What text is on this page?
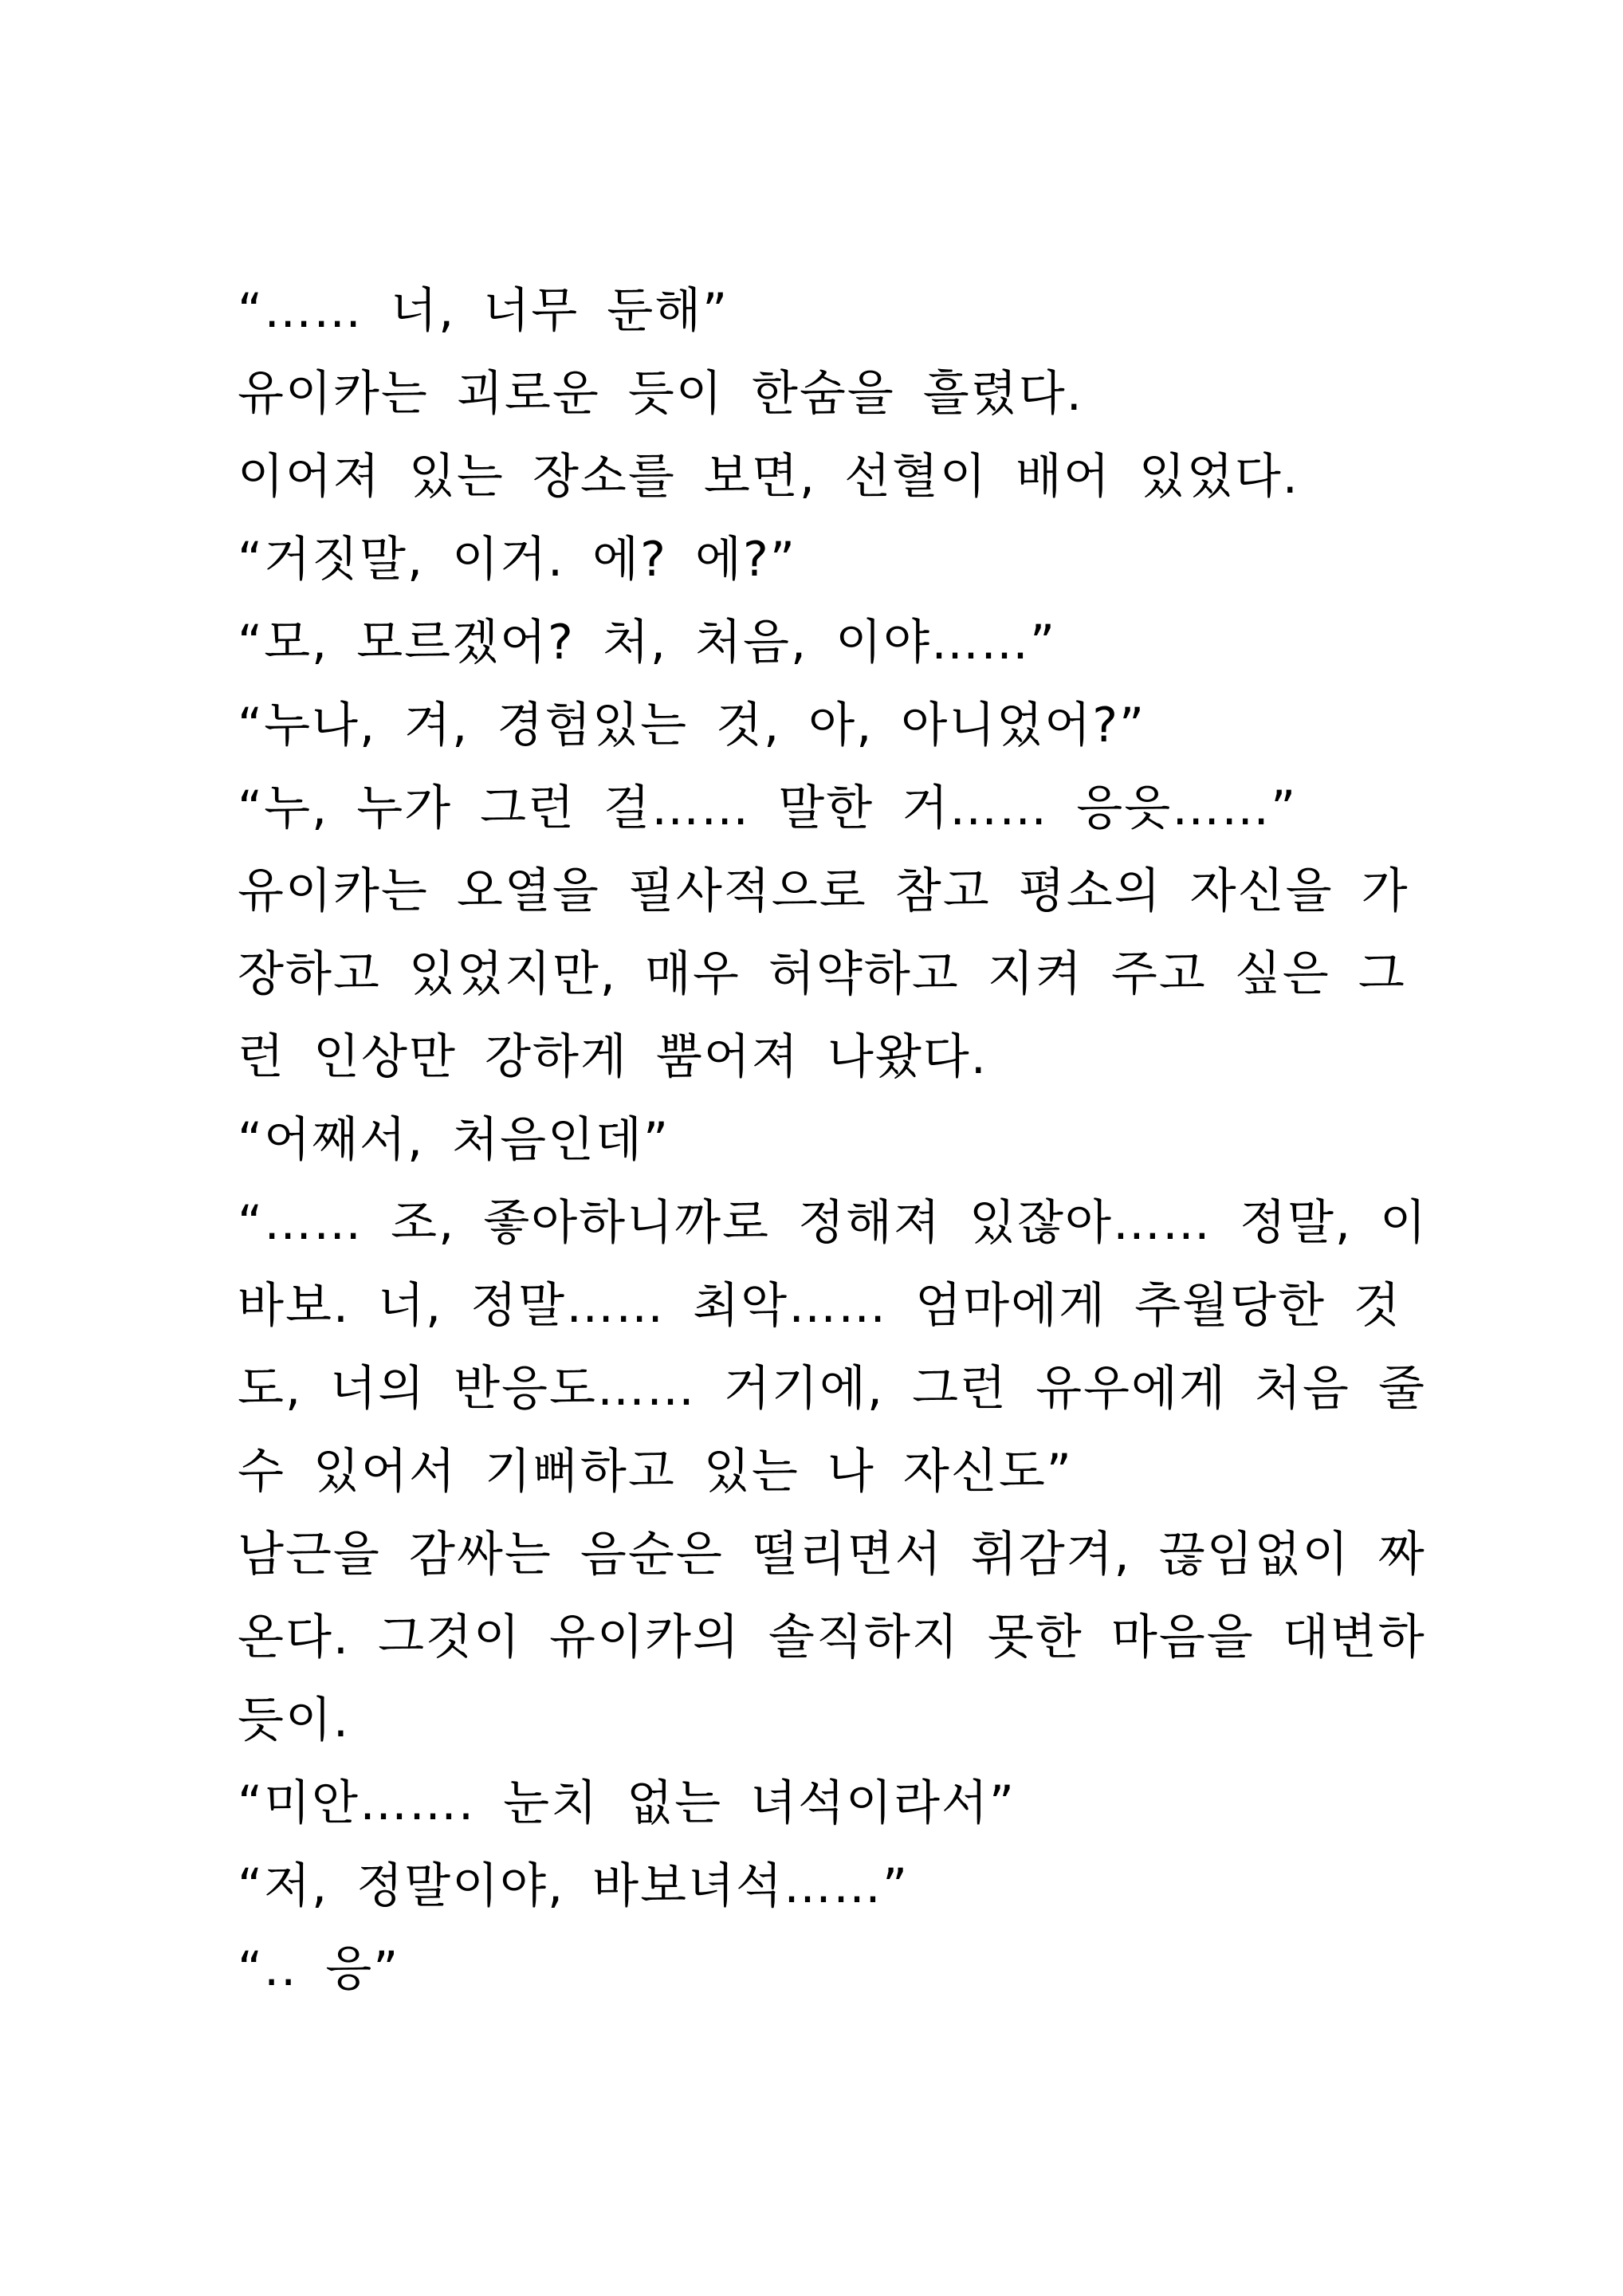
“…… 너, 너무 둔해”
유이카는 괴로운 듯이 한숨을 흘렸다.
이어져 있는 장소를 보면, 선혈이 배어 있었다.
“거짓말, 이거. 에? 에?”
“모, 모르겠어? 처, 처음, 이야……”
“누나, 겨, 경험있는 것, 아, 아니었어?”
“누, 누가 그런 걸…… 말한 거…… 응읏……”
유이카는 오열을 필사적으로 참고 평소의 자신을 가
장하고 있었지만, 매우 허약하고 지켜 주고 싶은 그
런 인상만 강하게 뿜어져 나왔다.
“어째서, 처음인데”
“…… 조, 좋아하니까로 정해져 있잖아…… 정말, 이
바보. 너, 정말…… 최악…… 엄마에게 추월당한 것
도, 너의 반응도…… 거기에, 그런 유우에게 처음 줄
수 있어서 기뻐하고 있는 나 자신도”
남근을 감싸는 음순은 떨리면서 휘감겨, 끊임없이 짜
온다. 그것이 유이카의 솔직하지 못한 마음을 대변하
듯이.
“미안……. 눈치 없는 녀석이라서”
“저, 정말이야, 바보녀석……”
“.. 응”
